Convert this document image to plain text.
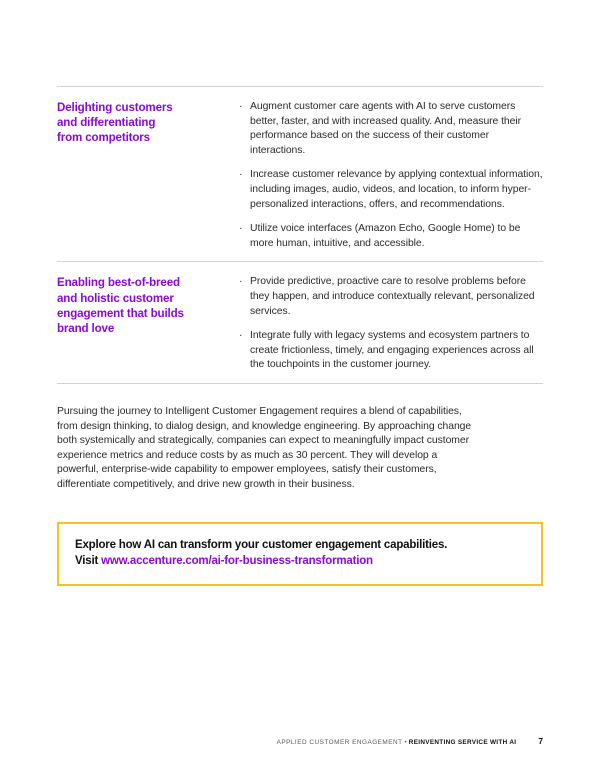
Delighting customers

and differentiating

from competitors

· Augment customer care agents with AI to serve customers better, faster, and with increased quality. And, measure their performance based on the success of their customer interactions.
· Increase customer relevance by applying contextual information, including images, audio, videos, and location, to inform hyper-personalized interactions, offers, and recommendations.
· Utilize voice interfaces (Amazon Echo, Google Home) to be more human, intuitive, and accessible.

Enabling best-of-breed

and holistic customer

engagement that builds

brand love

· Provide predictive, proactive care to resolve problems before they happen, and introduce contextually relevant, personalized services.
· Integrate fully with legacy systems and ecosystem partners to create frictionless, timely, and engaging experiences across all the touchpoints in the customer journey.

Pursuing the journey to Intelligent Customer Engagement requires a blend of capabilities, from design thinking, to dialog design, and knowledge engineering. By approaching change both systemically and strategically, companies can expect to meaningfully impact customer experience metrics and reduce costs by as much as 30 percent. They will develop a powerful, enterprise-wide capability to empower employees, satisfy their customers, differentiate competitively, and drive new growth in their business.

Explore how AI can transform your customer engagement capabilities.

Visit www.accenture.com/ai-for-business-transformation

APPLIED CUSTOMER ENGAGEMENT • REINVENTING SERVICE WITH AI	7
